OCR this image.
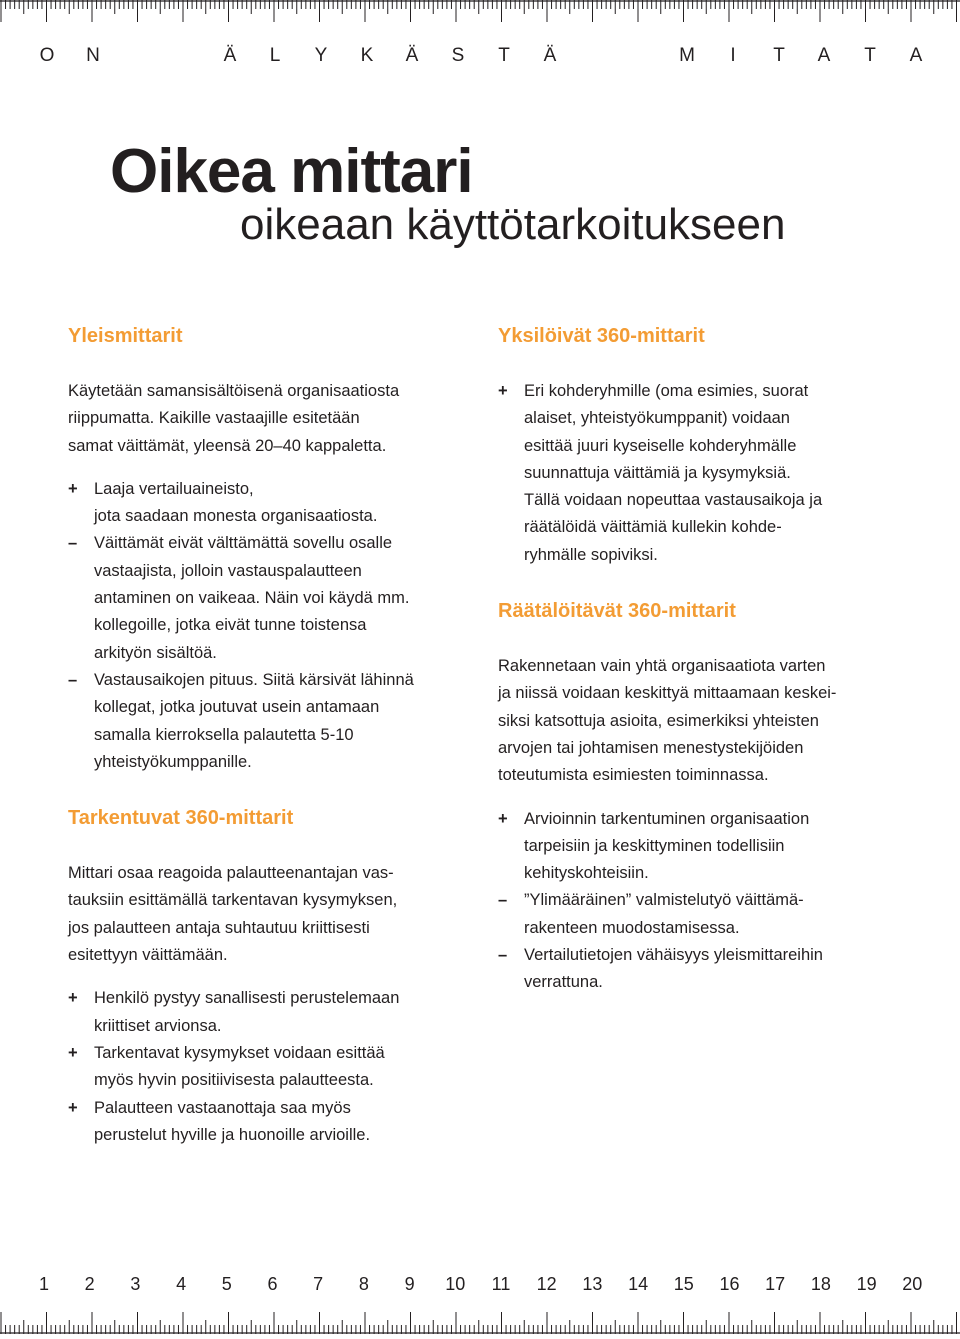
O N	Ä L Y K Ä S T Ä	M I T A T A
Oikea mittari
oikeaan käyttötarkoitukseen
Yleismittarit

Käytetään samansisältöisenä organisaatiosta
riippumatta. Kaikille vastaajille esitetään
samat väittämät, yleensä 20–40 kappaletta.

+ Laaja vertailuaineisto,
jota saadaan monesta organisaatiosta.
–	Väittämät eivät välttämättä sovellu osalle
vastaajista, jolloin vastauspalautteen
antaminen on vaikeaa. Näin voi käydä mm.
kollegoille, jotka eivät tunne toistensa
arkityön sisältöä.
–	Vastausaikojen pituus. Siitä kärsivät lähinnä
kollegat, jotka joutuvat usein antamaan
samalla kierroksella palautetta 5-10
yhteistyökumppanille.
Tarkentuvat 360-mittarit

Mittari osaa reagoida palautteenantajan vas-
tauksiin esittämällä tarkentavan kysymyksen,
jos palautteen antaja suhtautuu kriittisesti
esitettyyn väittämään.

+ Henkilö pystyy sanallisesti perustelemaan
kriittiset arvionsa.
+ Tarkentavat kysymykset voidaan esittää
myös hyvin positiivisesta palautteesta.
+ Palautteen vastaanottaja saa myös
perustelut hyville ja huonoille arvioille.
Yksilöivät 360-mittarit
+ Eri kohderyhmille (oma esimies, suorat
alaiset, yhteistyökumppanit) voidaan
esittää juuri kyseiselle kohderyhmälle
suunnattuja väittämiä ja kysymyksiä.
Tällä voidaan nopeuttaa vastausaikoja ja
räätälöidä väittämiä kullekin kohde-
ryhmälle sopiviksi.
Räätälöitävät 360-mittarit

Rakennetaan vain yhtä organisaatiota varten
ja niissä voidaan keskittyä mittaamaan keskei-
siksi katsottuja asioita, esimerkiksi yhteisten
arvojen tai johtamisen menestystekijöiden
toteutumista esimiesten toiminnassa.

+ Arvioinnin tarkentuminen organisaation
tarpeisiin ja keskittyminen todellisiin
kehityskohteisiin.
–	”Ylimääräinen” valmistelutyö väittämä-
rakenteen muodostamisessa.
–	Vertailutietojen vähäisyys yleismittareihin
verrattuna.
1 2 3 4 5 6 7 8 9 10 11 12 13 14 15 16 17 18 19 20
